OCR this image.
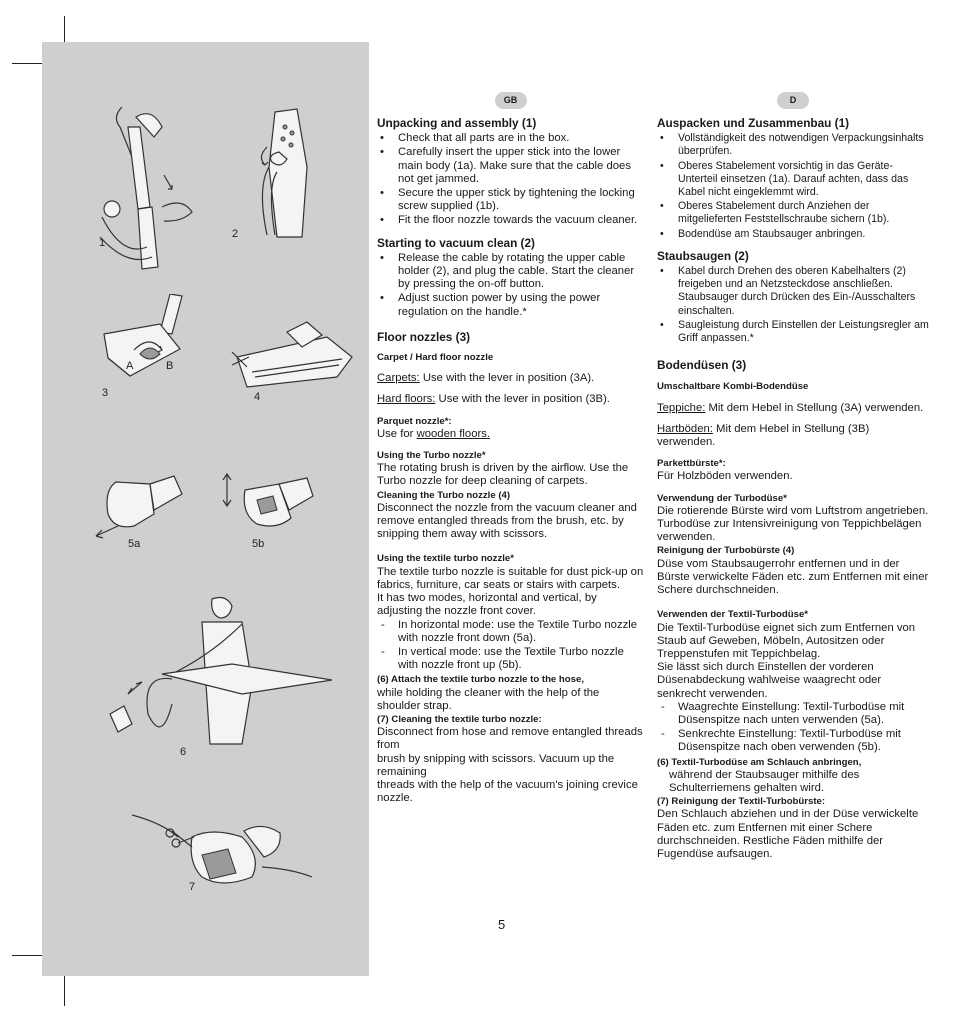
1
2
A	B
3	4
5a	5b
6
7
GB
Unpacking and assembly (1)
• Check that all parts are in the box.
• Carefully insert the upper stick into the lower main body (1a). Make sure that the cable does not get jammed.
• Secure the upper stick by tightening the locking screw supplied (1b).
• Fit the floor nozzle towards the vacuum cleaner.
Starting to vacuum clean (2)
• Release the cable by rotating the upper cable holder (2), and plug the cable. Start the cleaner by pressing the on-off button.
• Adjust suction power by using the power regulation on the handle.*
Floor nozzles (3)

Carpet / Hard floor nozzle

Carpets: Use with the lever in position (3A).

Hard floors: Use with the lever in position (3B).

Parquet nozzle*:

Use for wooden floors.

Using the Turbo nozzle*

The rotating brush is driven by the airflow. Use the Turbo nozzle for deep cleaning of carpets.

Cleaning the Turbo nozzle (4)

Disconnect the nozzle from the vacuum cleaner and remove entangled threads from the brush, etc. by snipping them away with scissors.

Using the textile turbo nozzle*

The textile turbo nozzle is suitable for dust pick-up on fabrics, furniture, car seats or stairs with carpets.

It has two modes, horizontal and vertical, by adjusting the nozzle front cover.

- In horizontal mode: use the Textile Turbo nozzle with nozzle front down (5a).
- In vertical mode: use the Textile Turbo nozzle with nozzle front up (5b).

(6) Attach the textile turbo nozzle to the hose,

while holding the cleaner with the help of the shoulder strap.

(7) Cleaning the textile turbo nozzle:

Disconnect from hose and remove entangled threads from

brush by snipping with scissors. Vacuum up the remaining

threads with the help of the vacuum's joining crevice nozzle.

D
Auspacken und Zusammenbau (1)
• Vollständigkeit des notwendigen Verpackungsinhalts überprüfen.
• Oberes Stabelement vorsichtig in das Geräte-Unterteil einsetzen (1a). Darauf achten, dass das Kabel nicht eingeklemmt wird.
• Oberes Stabelement durch Anziehen der mitgelieferten Feststellschraube sichern (1b).
• Bodendüse am Staubsauger anbringen.
Staubsaugen (2)
• Kabel durch Drehen des oberen Kabelhalters (2) freigeben und an Netzsteckdose anschließen. Staubsauger durch Drücken des Ein-/Ausschalters einschalten.
• Saugleistung durch Einstellen der Leistungsregler am Griff anpassen.*
Bodendüsen (3)

Umschaltbare Kombi-Bodendüse

Teppiche: Mit dem Hebel in Stellung (3A) verwenden.

Hartböden: Mit dem Hebel in Stellung (3B) verwenden.

Parkettbürste*:

Für Holzböden verwenden.

Verwendung der Turbodüse*

Die rotierende Bürste wird vom Luftstrom angetrieben. Turbodüse zur Intensivreinigung von Teppichbelägen verwenden.

Reinigung der Turbobürste (4)

Düse vom Staubsaugerrohr entfernen und in der Bürste verwickelte Fäden etc. zum Entfernen mit einer Schere durchschneiden.

Verwenden der Textil-Turbodüse*

Die Textil-Turbodüse eignet sich zum Entfernen von Staub auf Geweben, Möbeln, Autositzen oder Treppenstufen mit Teppichbelag.

Sie lässt sich durch Einstellen der vorderen Düsenabdeckung wahlweise waagrecht oder senkrecht verwenden.

- Waagrechte Einstellung: Textil-Turbodüse mit Düsenspitze nach unten verwenden (5a).
- Senkrechte Einstellung: Textil-Turbodüse mit Düsenspitze nach oben verwenden (5b).

(6) Textil-Turbodüse am Schlauch anbringen,

während der Staubsauger mithilfe des Schulterriemens gehalten wird.

(7) Reinigung der Textil-Turbobürste:

Den Schlauch abziehen und in der Düse verwickelte Fäden etc. zum Entfernen mit einer Schere durchschneiden. Restliche Fäden mithilfe der Fugendüse aufsaugen.

5
